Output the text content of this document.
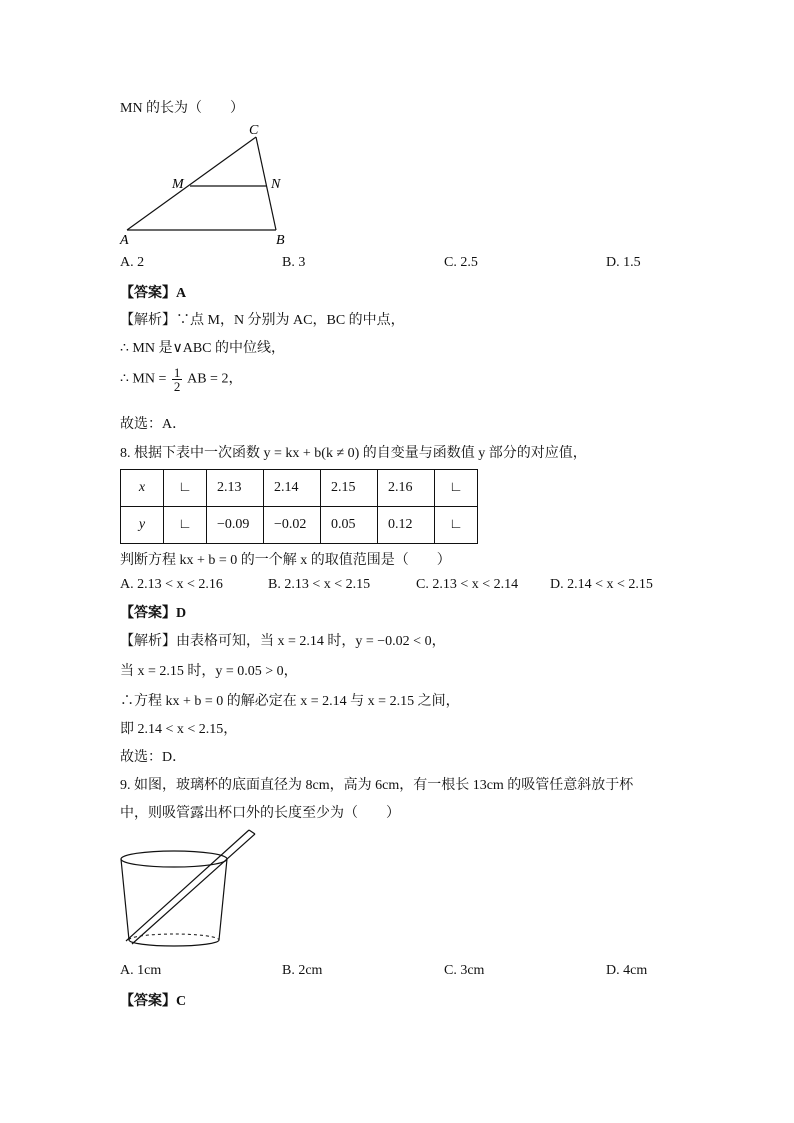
MN 的长为（　　）
C
M	N
A	B
A. 2	B. 3	C. 2.5	D. 1.5
【答案】A
【解析】∵点 M，N 分别为 AC，BC 的中点，
∴ MN 是∨ABC 的中位线，
∴ MN = $\frac{1}{2}$ AB = 2，
故选：A．
8. 根据下表中一次函数 y = kx + b(k ≠ 0) 的自变量与函数值 y 部分的对应值，
x	∟	2.13	2.14	2.15	2.16	∟
y	∟	−0.09	−0.02	0.05	0.12	∟
判断方程 kx + b = 0 的一个解 x 的取值范围是（　　）
A. 2.13 < x < 2.16	B. 2.13 < x < 2.15	C. 2.13 < x < 2.14 D. 2.14 < x < 2.15
【答案】D
【解析】由表格可知，当 x = 2.14 时，y = −0.02 < 0，
当 x = 2.15 时，y = 0.05 > 0，
∴方程 kx + b = 0 的解必定在 x = 2.14 与 x = 2.15 之间，
即 2.14 < x < 2.15，
故选：D．
9. 如图，玻璃杯的底面直径为 8cm，高为 6cm，有一根长 13cm 的吸管任意斜放于杯
中，则吸管露出杯口外的长度至少为（　　）
A. 1cm	B. 2cm	C. 3cm	D. 4cm
【答案】C
